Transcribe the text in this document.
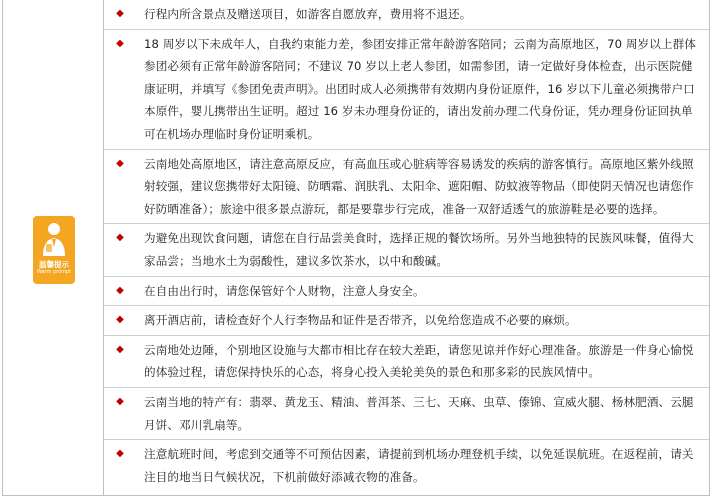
温馨提示
Warm prompt
◆ 行程内所含景点及赠送项目，如游客自愿放弃，费用将不退还。
◆ 18 周岁以下未成年人，自我约束能力差，参团安排正常年龄游客陪同；云南为高原地区，70 周岁以上群体参团必须有正常年龄游客陪同；不建议 70 岁以上老人参团，如需参团，请一定做好身体检查，出示医院健康证明，并填写《参团免责声明》。出团时成人必须携带有效期内身份证原件，16 岁以下儿童必须携带户口本原件，婴儿携带出生证明。超过 16 岁未办理身份证的，请出发前办理二代身份证，凭办理身份证回执单可在机场办理临时身份证明乘机。
◆ 云南地处高原地区，请注意高原反应，有高血压或心脏病等容易诱发的疾病的游客慎行。高原地区紫外线照射较强，建议您携带好太阳镜、防晒霜、润肤乳、太阳伞、遮阳帽、防蚊液等物品（即使阴天情况也请您作好防晒准备）；旅途中很多景点游玩，都是要靠步行完成，准备一双舒适透气的旅游鞋是必要的选择。
◆ 为避免出现饮食问题，请您在自行品尝美食时，选择正规的餐饮场所。另外当地独特的民族风味餐，值得大家品尝；当地水土为弱酸性，建议多饮茶水，以中和酸碱。
◆ 在自由出行时，请您保管好个人财物，注意人身安全。
◆ 离开酒店前，请检查好个人行李物品和证件是否带齐，以免给您造成不必要的麻烦。
◆ 云南地处边陲，个别地区设施与大都市相比存在较大差距，请您见谅并作好心理准备。旅游是一件身心愉悦的体验过程，请您保持快乐的心态，将身心投入美轮美奂的景色和那多彩的民族风情中。
◆ 云南当地的特产有：翡翠、黄龙玉、精油、普洱茶、三七、天麻、虫草、傣锦、宣威火腿、杨林肥酒、云腿月饼、邓川乳扇等。
◆ 注意航班时间，考虑到交通等不可预估因素，请提前到机场办理登机手续，以免延误航班。在返程前，请关注目的地当日气候状况，下机前做好添减衣物的准备。
